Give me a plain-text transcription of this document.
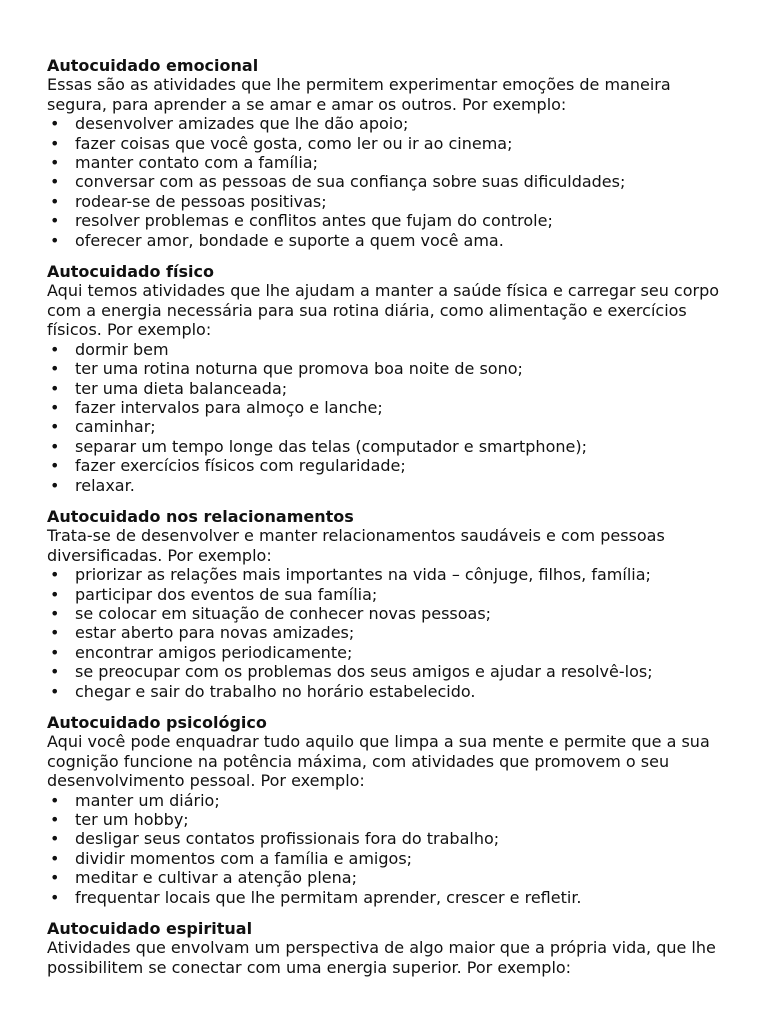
Autocuidado emocional
Essas são as atividades que lhe permitem experimentar emoções de maneira segura, para aprender a se amar e amar os outros. Por exemplo:
• desenvolver amizades que lhe dão apoio;
• fazer coisas que você gosta, como ler ou ir ao cinema;
• manter contato com a família;
• conversar com as pessoas de sua confiança sobre suas dificuldades;
• rodear-se de pessoas positivas;
• resolver problemas e conflitos antes que fujam do controle;
• oferecer amor, bondade e suporte a quem você ama.
Autocuidado físico
Aqui temos atividades que lhe ajudam a manter a saúde física e carregar seu corpo com a energia necessária para sua rotina diária, como alimentação e exercícios físicos. Por exemplo:
• dormir bem
• ter uma rotina noturna que promova boa noite de sono;
• ter uma dieta balanceada;
• fazer intervalos para almoço e lanche;
• caminhar;
• separar um tempo longe das telas (computador e smartphone);
• fazer exercícios físicos com regularidade;
• relaxar.
Autocuidado nos relacionamentos
Trata-se de desenvolver e manter relacionamentos saudáveis e com pessoas diversificadas. Por exemplo:
• priorizar as relações mais importantes na vida – cônjuge, filhos, família;
• participar dos eventos de sua família;
• se colocar em situação de conhecer novas pessoas;
• estar aberto para novas amizades;
• encontrar amigos periodicamente;
• se preocupar com os problemas dos seus amigos e ajudar a resolvê-los;
• chegar e sair do trabalho no horário estabelecido.
Autocuidado psicológico
Aqui você pode enquadrar tudo aquilo que limpa a sua mente e permite que a sua cognição funcione na potência máxima, com atividades que promovem o seu desenvolvimento pessoal. Por exemplo:
• manter um diário;
• ter um hobby;
• desligar seus contatos profissionais fora do trabalho;
• dividir momentos com a família e amigos;
• meditar e cultivar a atenção plena;
• frequentar locais que lhe permitam aprender, crescer e refletir.
Autocuidado espiritual
Atividades que envolvam um perspectiva de algo maior que a própria vida, que lhe possibilitem se conectar com uma energia superior. Por exemplo:
